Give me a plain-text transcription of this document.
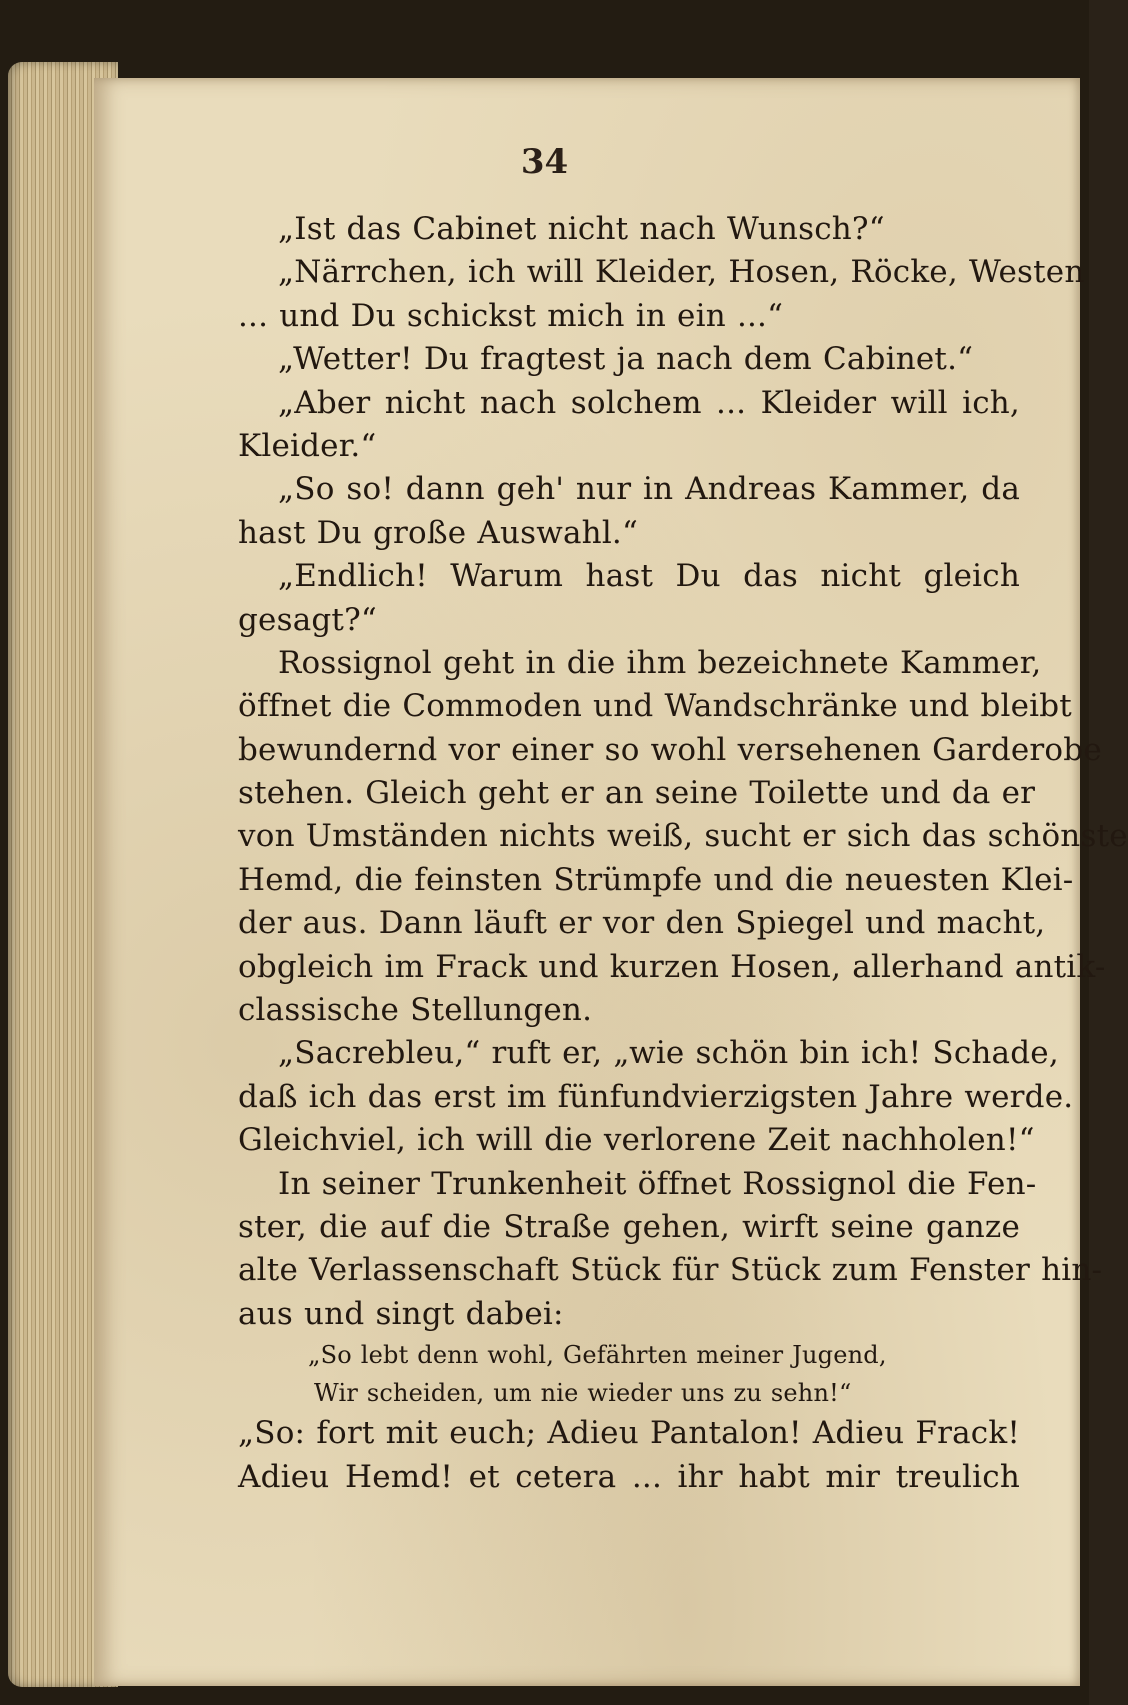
34
„Ist das Cabinet nicht nach Wunsch?“
„Närrchen, ich will Kleider, Hosen, Röcke, Westen
... und Du schickst mich in ein ...“
„Wetter! Du fragtest ja nach dem Cabinet.“
„Aber nicht nach solchem ... Kleider will ich,
Kleider.“
„So so! dann geh' nur in Andreas Kammer, da
hast Du große Auswahl.“
„Endlich! Warum hast Du das nicht gleich
gesagt?“
Rossignol geht in die ihm bezeichnete Kammer,
öffnet die Commoden und Wandschränke und bleibt
bewundernd vor einer so wohl versehenen Garderobe
stehen. Gleich geht er an seine Toilette und da er
von Umständen nichts weiß, sucht er sich das schönste
Hemd, die feinsten Strümpfe und die neuesten Klei-
der aus. Dann läuft er vor den Spiegel und macht,
obgleich im Frack und kurzen Hosen, allerhand antik-
classische Stellungen.
„Sacrebleu,“ ruft er, „wie schön bin ich! Schade,
daß ich das erst im fünfundvierzigsten Jahre werde.
Gleichviel, ich will die verlorene Zeit nachholen!“
In seiner Trunkenheit öffnet Rossignol die Fen-
ster, die auf die Straße gehen, wirft seine ganze
alte Verlassenschaft Stück für Stück zum Fenster hin-
aus und singt dabei:
„So lebt denn wohl, Gefährten meiner Jugend,
Wir scheiden, um nie wieder uns zu sehn!“
„So: fort mit euch; Adieu Pantalon! Adieu Frack!
Adieu Hemd! et cetera ... ihr habt mir treulich
